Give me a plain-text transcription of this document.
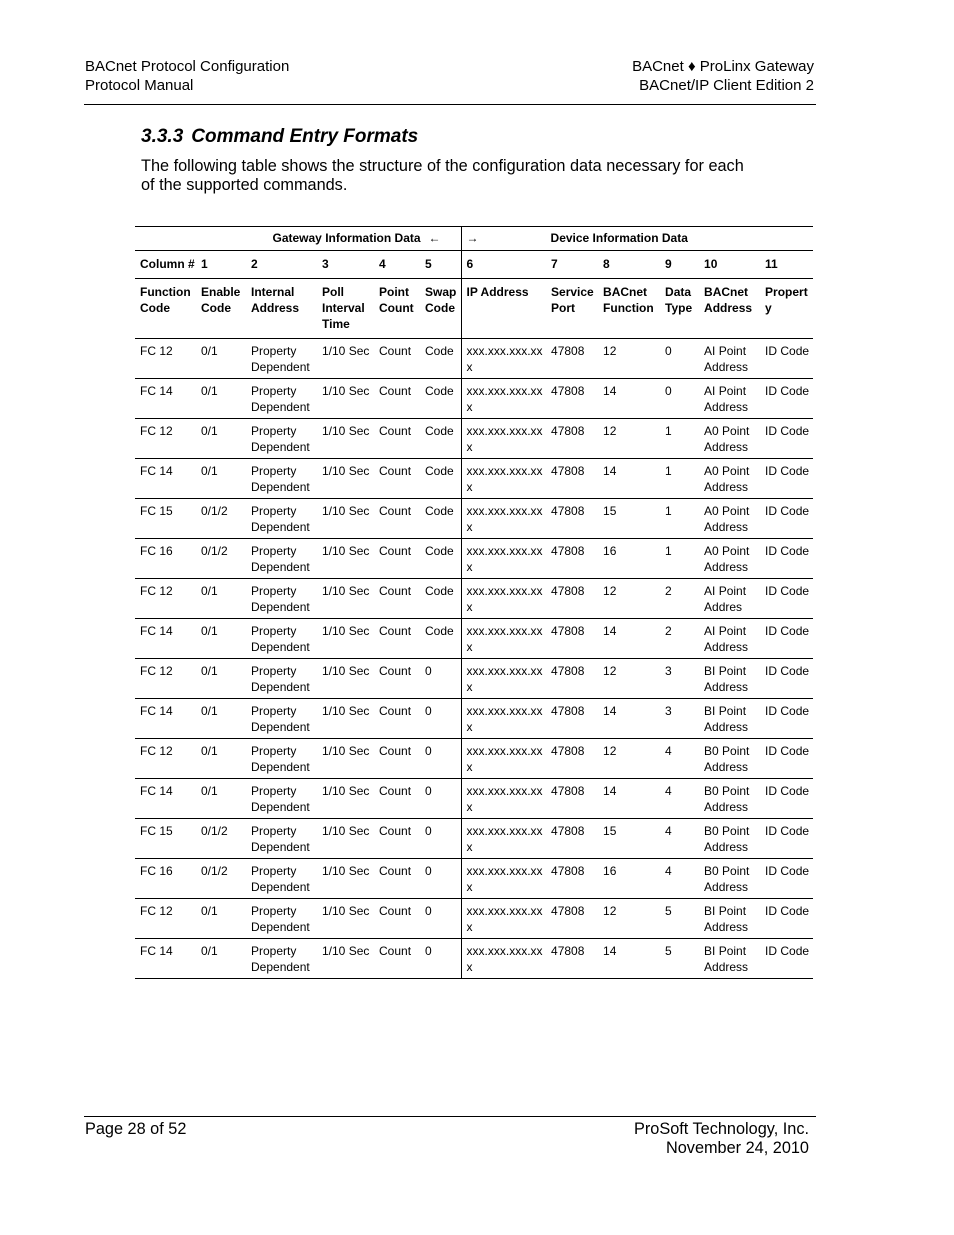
BACnet Protocol Configuration
Protocol Manual
BACnet ♦ ProLinx Gateway
BACnet/IP Client Edition 2
3.3.3 Command Entry Formats
The following table shows the structure of the configuration data necessary for each of the supported commands.
Gateway Information Data ←						→ Device Information Data					
Column #	1	2	3	4	5	6	7	8	9	10	11
Function Code	Enable Code	Internal Address	Poll Interval Time	Point Count	Swap Code	IP Address	Service Port	BACnet Function	Data Type	BACnet Address	Propert y
FC 12	0/1	Property Dependent	1/10 Sec	Count	Code	xxx.xxx.xxx.xxx	47808	12	0	AI Point Address	ID Code
FC 14	0/1	Property Dependent	1/10 Sec	Count	Code	xxx.xxx.xxx.xxx	47808	14	0	AI Point Address	ID Code
FC 12	0/1	Property Dependent	1/10 Sec	Count	Code	xxx.xxx.xxx.xxx	47808	12	1	A0 Point Address	ID Code
FC 14	0/1	Property Dependent	1/10 Sec	Count	Code	xxx.xxx.xxx.xxx	47808	14	1	A0 Point Address	ID Code
FC 15	0/1/2	Property Dependent	1/10 Sec	Count	Code	xxx.xxx.xxx.xxx	47808	15	1	A0 Point Address	ID Code
FC 16	0/1/2	Property Dependent	1/10 Sec	Count	Code	xxx.xxx.xxx.xxx	47808	16	1	A0 Point Address	ID Code
FC 12	0/1	Property Dependent	1/10 Sec	Count	Code	xxx.xxx.xxx.xxx	47808	12	2	AI Point Addres	ID Code
FC 14	0/1	Property Dependent	1/10 Sec	Count	Code	xxx.xxx.xxx.xxx	47808	14	2	AI Point Address	ID Code
FC 12	0/1	Property Dependent	1/10 Sec	Count	0	xxx.xxx.xxx.xxx	47808	12	3	BI Point Address	ID Code
FC 14	0/1	Property Dependent	1/10 Sec	Count	0	xxx.xxx.xxx.xxx	47808	14	3	BI Point Address	ID Code
FC 12	0/1	Property Dependent	1/10 Sec	Count	0	xxx.xxx.xxx.xxx	47808	12	4	B0 Point Address	ID Code
FC 14	0/1	Property Dependent	1/10 Sec	Count	0	xxx.xxx.xxx.xxx	47808	14	4	B0 Point Address	ID Code
FC 15	0/1/2	Property Dependent	1/10 Sec	Count	0	xxx.xxx.xxx.xxx	47808	15	4	B0 Point Address	ID Code
FC 16	0/1/2	Property Dependent	1/10 Sec	Count	0	xxx.xxx.xxx.xxx	47808	16	4	B0 Point Address	ID Code
FC 12	0/1	Property Dependent	1/10 Sec	Count	0	xxx.xxx.xxx.xxx	47808	12	5	BI Point Address	ID Code
FC 14	0/1	Property Dependent	1/10 Sec	Count	0	xxx.xxx.xxx.xxx	47808	14	5	BI Point Address	ID Code
Page 28 of 52	ProSoft Technology, Inc.
November 24, 2010
